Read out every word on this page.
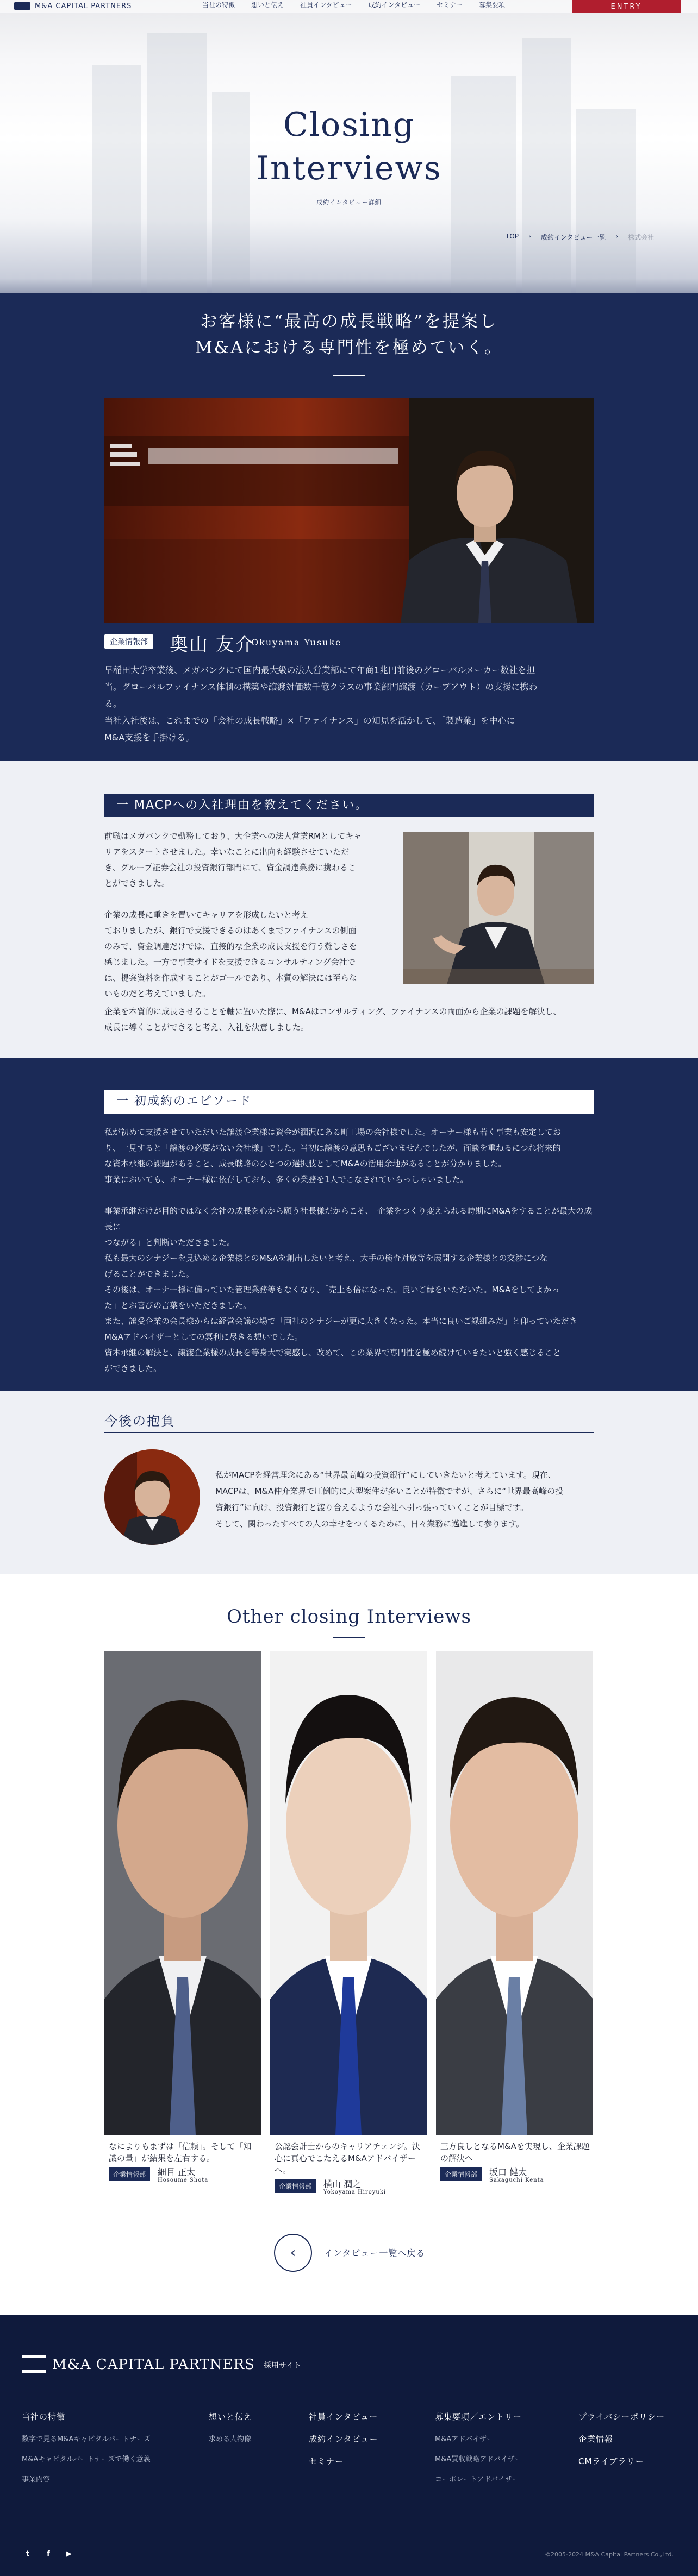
M&A CAPITAL PARTNERS	当社の特徴	想いと伝え	社員インタビュー	成約インタビュー	セミナー	募集要項	ENTRY
Closing
Interviews
成約インタビュー詳細
TOP › 成約インタビュー一覧 › 株式会社
お客様に“最高の成長戦略”を提案し
M&Aにおける専門性を極めていく。
企業情報部 奥山 友介
Okuyama Yusuke
早稲田大学卒業後、メガバンクにて国内最大級の法人営業部にて年商1兆円前後のグローバルメーカー数社を担
当。グローバルファイナンス体制の構築や譲渡対価数千億クラスの事業部門譲渡（カーブアウト）の支援に携わ
る。
当社入社後は、これまでの「会社の成長戦略」×「ファイナンス」の知見を活かして、「製造業」を中心に
M&A支援を手掛ける。
一 MACPへの入社理由を教えてください。
前職はメガバンクで勤務しており、大企業への法人営業RMとしてキャ
リアをスタートさせました。幸いなことに出向も経験させていただ
き、グループ証券会社の投資銀行部門にて、資金調達業務に携わるこ
とができました。
企業の成長に重きを置いてキャリアを形成したいと考え
ておりましたが、銀行で支援できるのはあくまでファイナンスの側面
のみで、資金調達だけでは、直接的な企業の成長支援を行う難しさを
感じました。一方で事業サイドを支援できるコンサルティング会社で
は、提案資料を作成することがゴールであり、本質の解決には至らな
いものだと考えていました。
企業を本質的に成長させることを軸に置いた際に、M&Aはコンサルティング、ファイナンスの両面から企業の課題を解決し、
成長に導くことができると考え、入社を決意しました。
一 初成約のエピソード
私が初めて支援させていただいた譲渡企業様は資金が潤沢にある町工場の会社様でした。オーナー様も若く事業も安定してお
り、一見すると「譲渡の必要がない会社様」でした。当初は譲渡の意思もございませんでしたが、面談を重ねるにつれ将来的
な資本承継の課題があること、成長戦略のひとつの選択肢としてM&Aの活用余地があることが分かりました。
事業においても、オーナー様に依存しており、多くの業務を1人でこなされていらっしゃいました。
事業承継だけが目的ではなく会社の成長を心から願う社長様だからこそ、「企業をつくり変えられる時期にM&Aをすることが最大の成長に
つながる」と判断いただきました。
私も最大のシナジーを見込める企業様とのM&Aを創出したいと考え、大手の検査対象等を展開する企業様との交渉につな
げることができました。
その後は、オーナー様に偏っていた管理業務等もなくなり、「売上も倍になった。良いご縁をいただいた。M&Aをしてよかっ
た」とお喜びの言葉をいただきました。
また、譲受企業の会長様からは経営会議の場で「両社のシナジーが更に大きくなった。本当に良いご縁組みだ」と仰っていただき
M&Aアドバイザーとしての冥利に尽きる想いでした。
資本承継の解決と、譲渡企業様の成長を等身大で実感し、改めて、この業界で専門性を極め続けていきたいと強く感じること
ができました。
今後の抱負
私がMACPを経営理念にある“世界最高峰の投資銀行”にしていきたいと考えています。現在、
MACPは、M&A仲介業界で圧倒的に大型案件が多いことが特徴ですが、さらに“世界最高峰の投
資銀行”に向け、投資銀行と渡り合えるような会社へ引っ張っていくことが目標です。
そして、関わったすべての人の幸せをつくるために、日々業務に邁進して参ります。
Other closing Interviews
なによりもまずは「信頼」。そして「知識の量」が結果を左右する。
企業情報部	細目 正太
Hosoume Shota
公認会計士からのキャリアチェンジ。決心に真心でこたえるM&Aアドバイザーへ。
企業情報部	横山 潤之
Yokoyama Hiroyuki
三方良しとなるM&Aを実現し、企業課題の解決へ
企業情報部	坂口 健太
Sakaguchi Kenta
‹	インタビュー一覧へ戻る
M&A CAPITAL PARTNERS 採用サイト
当社の特徴
数字で見るM&Aキャピタルパートナーズ
M&Aキャピタルパートナーズで働く意義
事業内容
想いと伝え
求める人物像
社員インタビュー
成約インタビュー
セミナー
募集要項／エントリー
M&Aアドバイザー
M&A買収戦略アドバイザー
コーポレートアドバイザー
プライバシーポリシー
企業情報
CMライブラリー
t	f	▶	©2005-2024 M&A Capital Partners Co.,Ltd.
